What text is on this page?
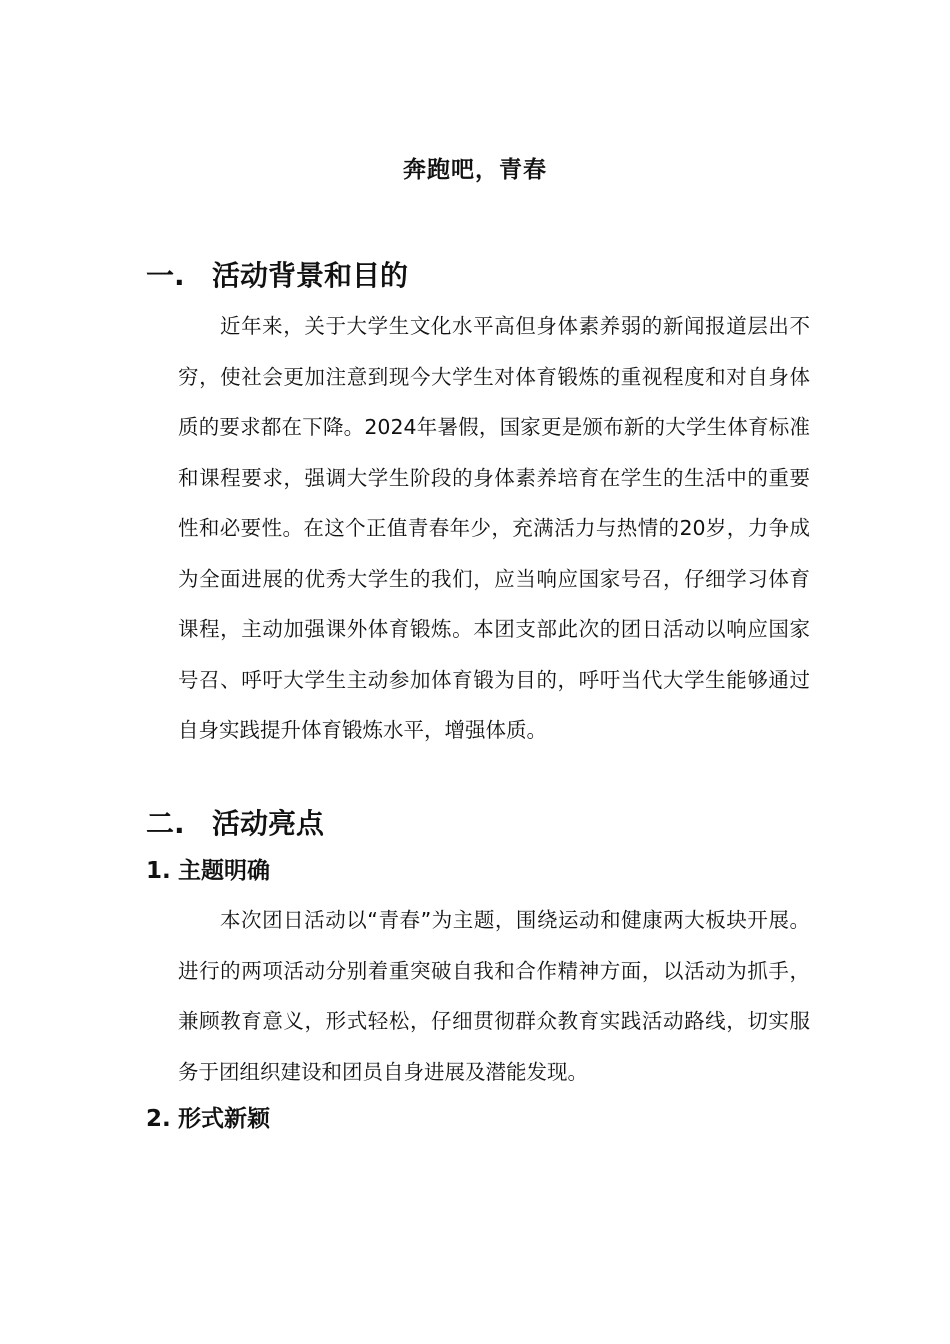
奔跑吧，青春
一. 活动背景和目的

近年来，关于大学生文化水平高但身体素养弱的新闻报道层出不穷，使社会更加注意到现今大学生对体育锻炼的重视程度和对自身体质的要求都在下降。2024年暑假，国家更是颁布新的大学生体育标准和课程要求，强调大学生阶段的身体素养培育在学生的生活中的重要性和必要性。在这个正值青春年少，充满活力与热情的20岁，力争成为全面进展的优秀大学生的我们，应当响应国家号召，仔细学习体育课程，主动加强课外体育锻炼。本团支部此次的团日活动以响应国家号召、呼吁大学生主动参加体育锻为目的，呼吁当代大学生能够通过自身实践提升体育锻炼水平，增强体质。

二. 活动亮点
1. 主题明确

本次团日活动以“青春”为主题，围绕运动和健康两大板块开展。进行的两项活动分别着重突破自我和合作精神方面，以活动为抓手，兼顾教育意义，形式轻松，仔细贯彻群众教育实践活动路线，切实服务于团组织建设和团员自身进展及潜能发现。

2. 形式新颖
